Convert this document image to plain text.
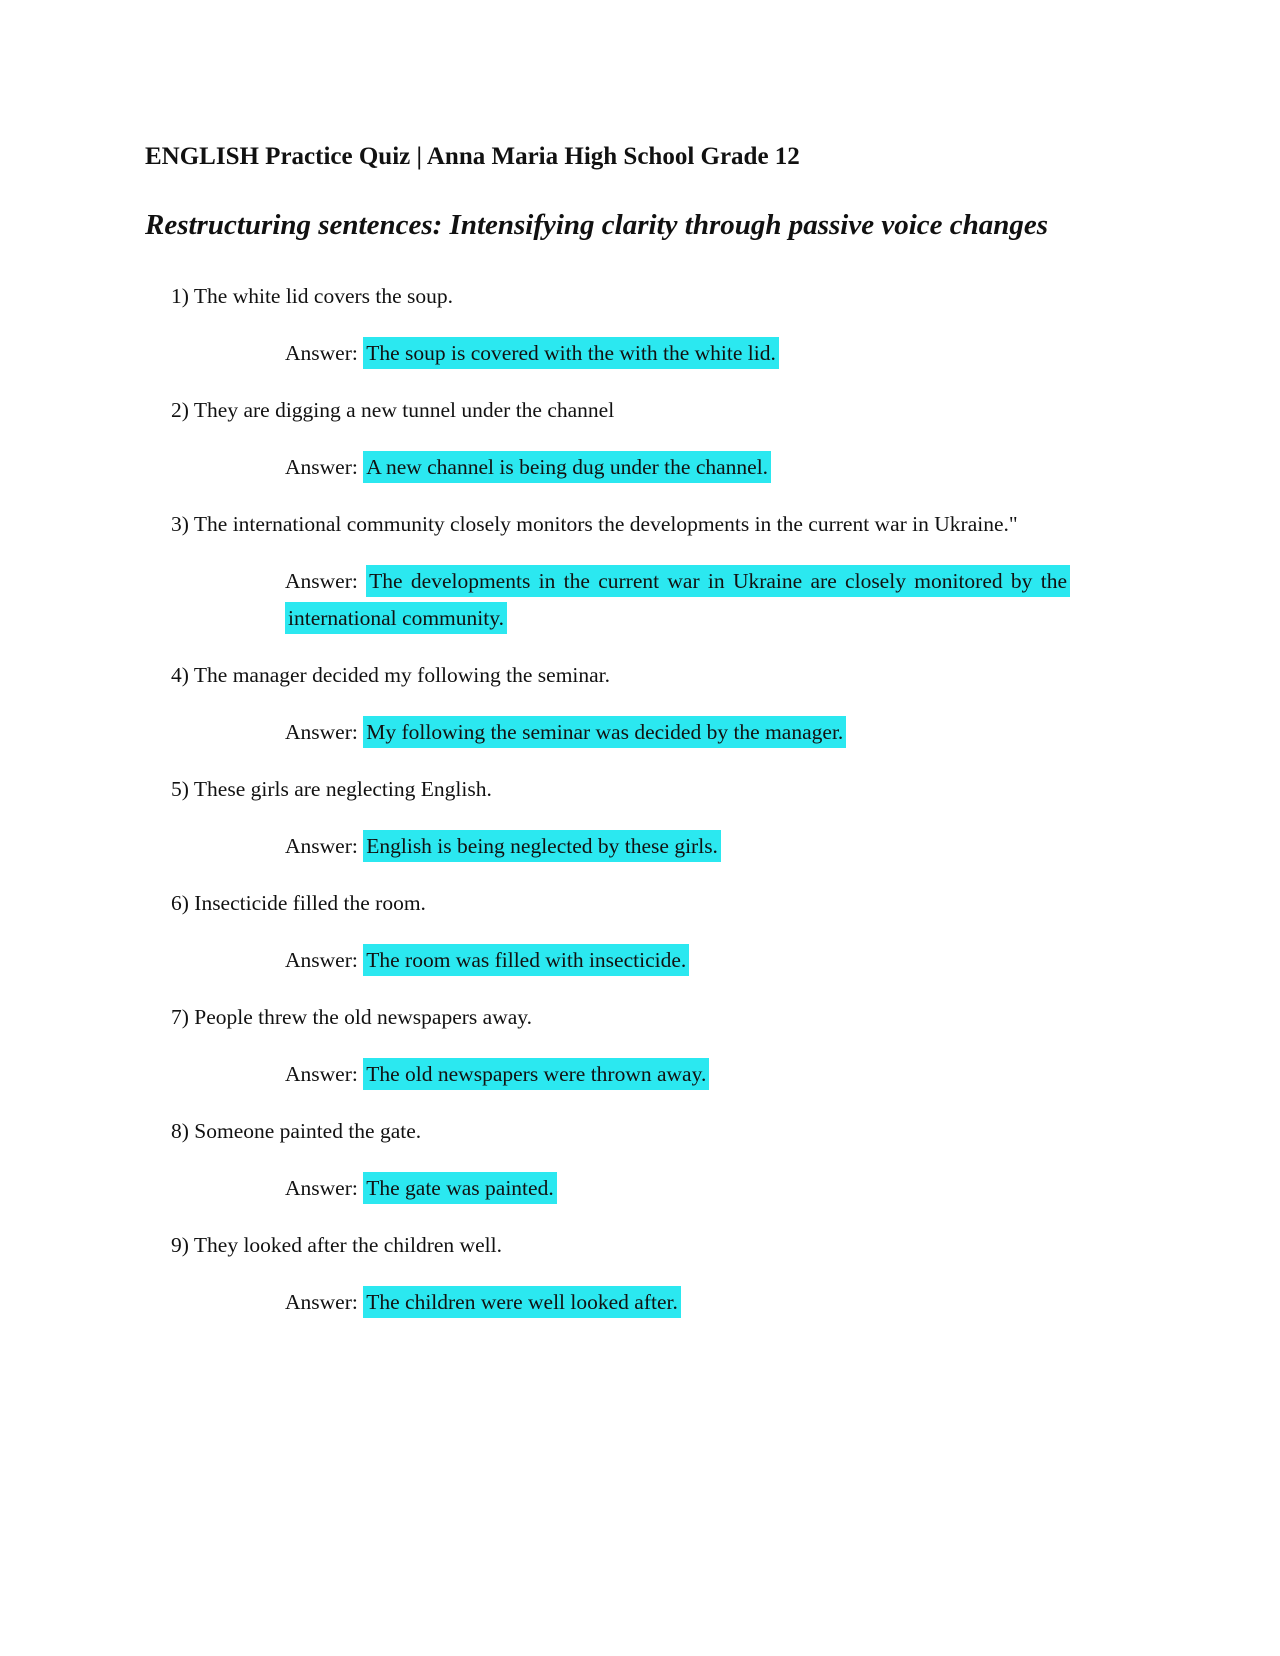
ENGLISH Practice Quiz | Anna Maria High School Grade 12
Restructuring sentences: Intensifying clarity through passive voice changes

1) The white lid covers the soup.

Answer: The soup is covered with the with the white lid.

2) They are digging a new tunnel under the channel

Answer: A new channel is being dug under the channel.

3) The international community closely monitors the developments in the current war in Ukraine."

Answer: The developments in the current war in Ukraine are closely monitored by the international community.

4) The manager decided my following the seminar.

Answer: My following the seminar was decided by the manager.

5) These girls are neglecting English.

Answer: English is being neglected by these girls.

6) Insecticide filled the room.

Answer: The room was filled with insecticide.

7) People threw the old newspapers away.

Answer: The old newspapers were thrown away.

8) Someone painted the gate.

Answer: The gate was painted.

9) They looked after the children well.

Answer: The children were well looked after.
